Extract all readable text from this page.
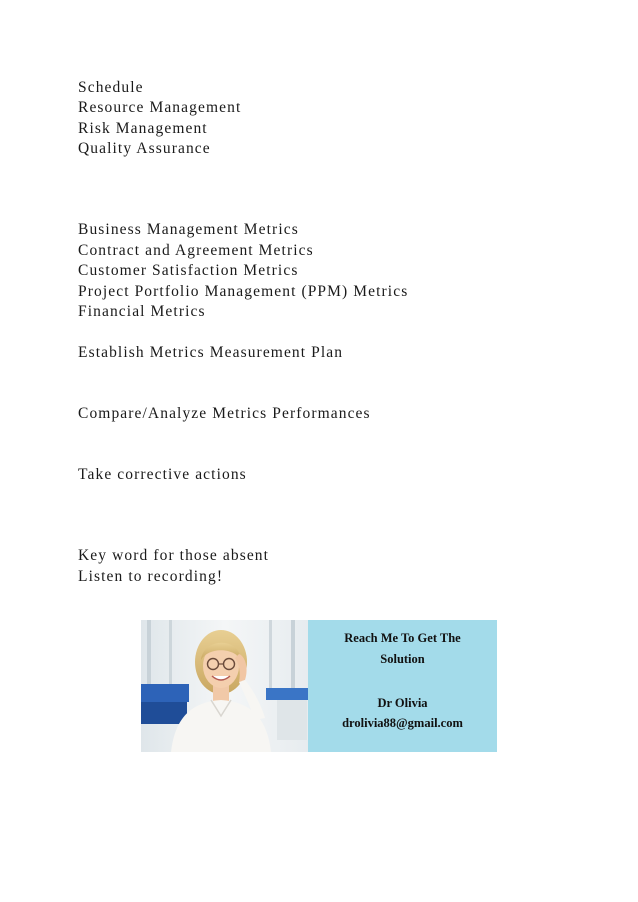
Schedule
Resource Management
Risk Management
Quality Assurance
Business Management Metrics
Contract and Agreement Metrics
Customer Satisfaction Metrics
Project Portfolio Management (PPM) Metrics
Financial Metrics
Establish Metrics Measurement Plan
Compare/Analyze Metrics Performances
Take corrective actions
Key word for those absent
Listen to recording!
Reach Me To Get The
Solution
Dr Olivia
drolivia88@gmail.com
